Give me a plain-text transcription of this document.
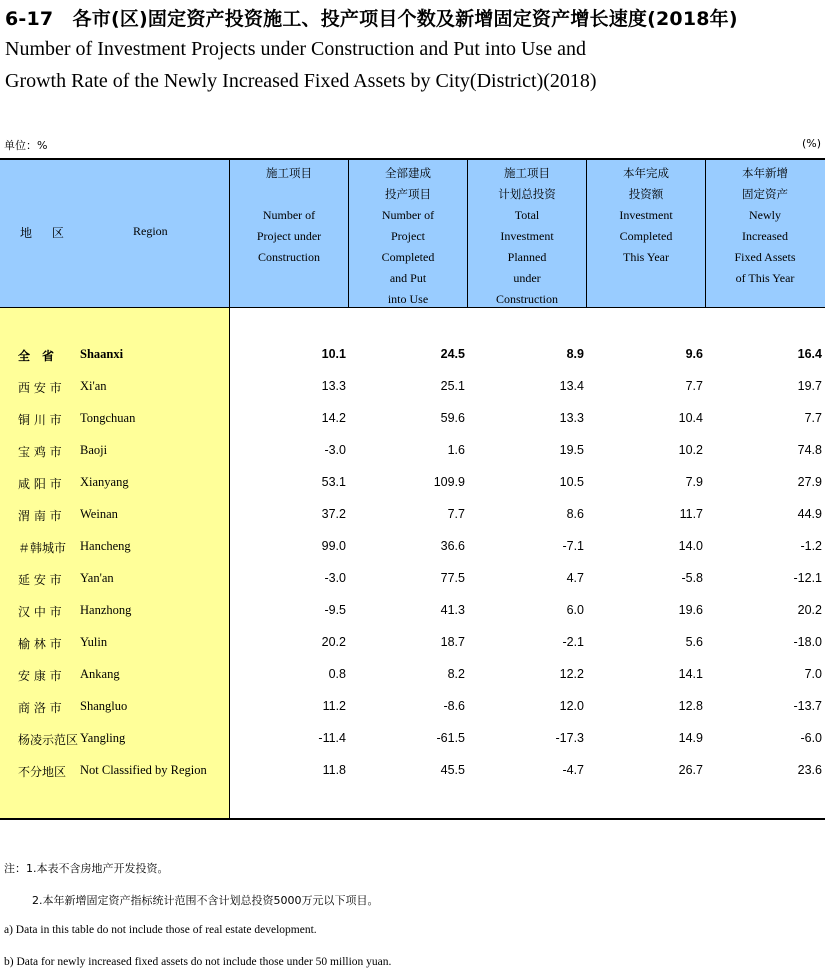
6-17　各市(区)固定资产投资施工、投产项目个数及新增固定资产增长速度(2018年)
Number of Investment Projects under Construction and Put into Use and
Growth Rate of the Newly Increased Fixed Assets by City(District)(2018)
单位：%	(%)
地 区	Region
施工项目

Number of
Project under
Construction
全部建成
投产项目
Number of
Project
Completed
and Put
into Use
施工项目
计划总投资
Total
Investment
Planned
under
Construction
本年完成
投资额
Investment
Completed
This Year
本年新增
固定资产
Newly
Increased
Fixed Assets
of This Year
全　省 Shaanxi	10.1	24.5	8.9	9.6	16.4
西 安 市 Xi'an	13.3	25.1	13.4	7.7	19.7
铜 川 市 Tongchuan	14.2	59.6	13.3	10.4	7.7
宝 鸡 市 Baoji	-3.0	1.6	19.5	10.2	74.8
咸 阳 市 Xianyang	53.1	109.9	10.5	7.9	27.9
渭 南 市 Weinan	37.2	7.7	8.6	11.7	44.9
＃韩城市 Hancheng	99.0	36.6	-7.1	14.0	-1.2
延 安 市 Yan'an	-3.0	77.5	4.7	-5.8	-12.1
汉 中 市 Hanzhong	-9.5	41.3	6.0	19.6	20.2
榆 林 市 Yulin	20.2	18.7	-2.1	5.6	-18.0
安 康 市 Ankang	0.8	8.2	12.2	14.1	7.0
商 洛 市 Shangluo	11.2	-8.6	12.0	12.8	-13.7
杨凌示范区 Yangling	-11.4	-61.5	-17.3	14.9	-6.0
不分地区 Not Classified by Region	11.8	45.5	-4.7	26.7	23.6
注：1.本表不含房地产开发投资。
2.本年新增固定资产指标统计范围不含计划总投资5000万元以下项目。
a) Data in this table do not include those of real estate development.
b) Data for newly increased fixed assets do not include those under 50 million yuan.
